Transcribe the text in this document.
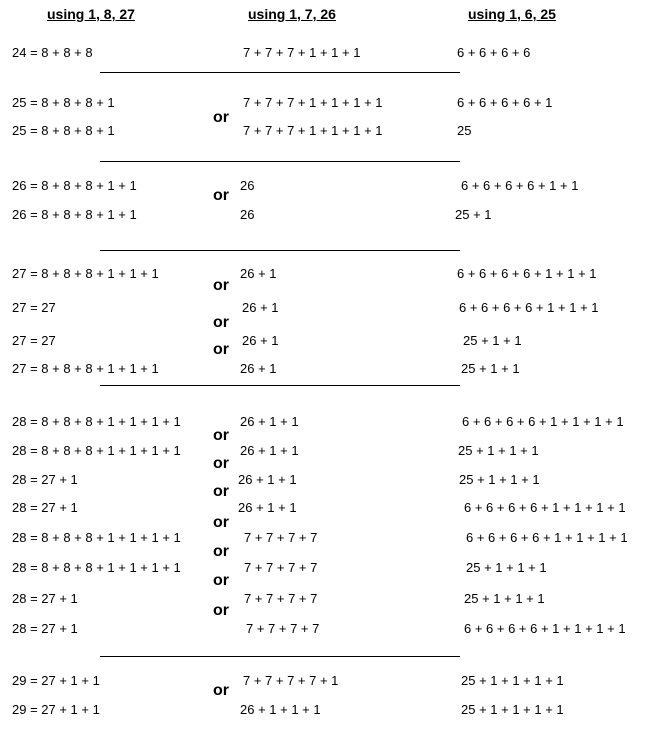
using 1, 8, 27	using 1, 7, 26	using 1, 6, 25
24 = 8 + 8 + 8	7 + 7 + 7 + 1 + 1 + 1	6 + 6 + 6 + 6
25 = 8 + 8 + 8 + 1	7 + 7 + 7 + 1 + 1 + 1 + 1	6 + 6 + 6 + 6 + 1
or
25 = 8 + 8 + 8 + 1	7 + 7 + 7 + 1 + 1 + 1 + 1	25
26 = 8 + 8 + 8 + 1 + 1	26	6 + 6 + 6 + 6 + 1 + 1
or
26 = 8 + 8 + 8 + 1 + 1	26	25 + 1
27 = 8 + 8 + 8 + 1 + 1 + 1	26 + 1	6 + 6 + 6 + 6 + 1 + 1 + 1
or
27 = 27	26 + 1	6 + 6 + 6 + 6 + 1 + 1 + 1
or
27 = 27	26 + 1	25 + 1 + 1
or
27 = 8 + 8 + 8 + 1 + 1 + 1	26 + 1	25 + 1 + 1
28 = 8 + 8 + 8 + 1 + 1 + 1 + 1	26 + 1 + 1	6 + 6 + 6 + 6 + 1 + 1 + 1 + 1
or
28 = 8 + 8 + 8 + 1 + 1 + 1 + 1	26 + 1 + 1	25 + 1 + 1 + 1
or
28 = 27 + 1	26 + 1 + 1	25 + 1 + 1 + 1
or
28 = 27 + 1	26 + 1 + 1	6 + 6 + 6 + 6 + 1 + 1 + 1 + 1
or
28 = 8 + 8 + 8 + 1 + 1 + 1 + 1	7 + 7 + 7 + 7	6 + 6 + 6 + 6 + 1 + 1 + 1 + 1
or
28 = 8 + 8 + 8 + 1 + 1 + 1 + 1	7 + 7 + 7 + 7	25 + 1 + 1 + 1
or
28 = 27 + 1	7 + 7 + 7 + 7	25 + 1 + 1 + 1
or
28 = 27 + 1	7 + 7 + 7 + 7	6 + 6 + 6 + 6 + 1 + 1 + 1 + 1
29 = 27 + 1 + 1	7 + 7 + 7 + 7 + 1	25 + 1 + 1 + 1 + 1
or
29 = 27 + 1 + 1	26 + 1 + 1 + 1	25 + 1 + 1 + 1 + 1
